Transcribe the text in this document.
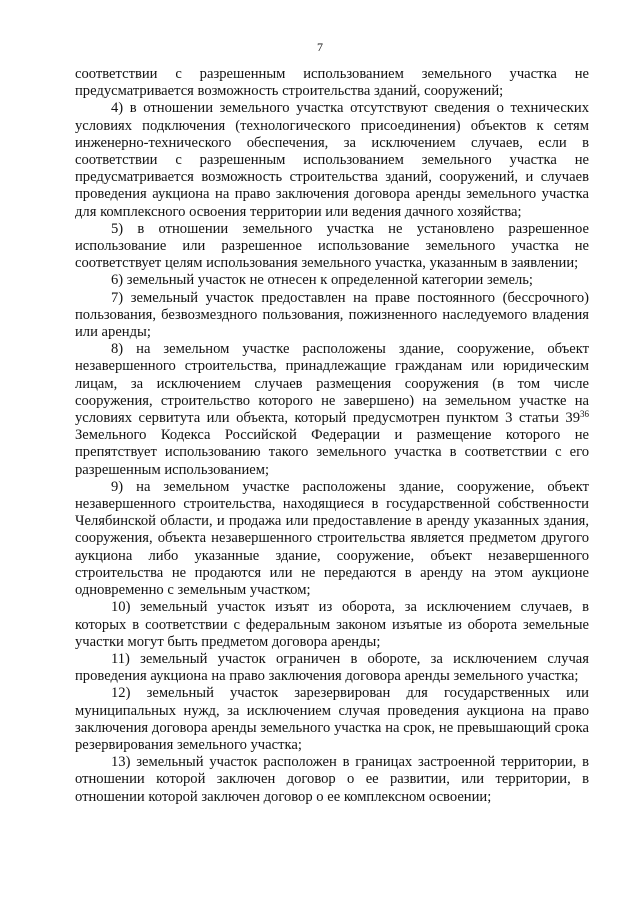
7

соответствии с разрешенным использованием земельного участка не предусматривается возможность строительства зданий, сооружений;

4) в отношении земельного участка отсутствуют сведения о технических условиях подключения (технологического присоединения) объектов к сетям инженерно-технического обеспечения, за исключением случаев, если в соответствии с разрешенным использованием земельного участка не предусматривается возможность строительства зданий, сооружений, и случаев проведения аукциона на право заключения договора аренды земельного участка для комплексного освоения территории или ведения дачного хозяйства;

5) в отношении земельного участка не установлено разрешенное использование или разрешенное использование земельного участка не соответствует целям использования земельного участка, указанным в заявлении;

6) земельный участок не отнесен к определенной категории земель;

7) земельный участок предоставлен на праве постоянного (бессрочного) пользования, безвозмездного пользования, пожизненного наследуемого владения или аренды;

8) на земельном участке расположены здание, сооружение, объект незавершенного строительства, принадлежащие гражданам или юридическим лицам, за исключением случаев размещения сооружения (в том числе сооружения, строительство которого не завершено) на земельном участке на условиях сервитута или объекта, который предусмотрен пунктом 3 статьи $39^{36}$ Земельного Кодекса Российской Федерации и размещение которого не препятствует использованию такого земельного участка в соответствии с его разрешенным использованием;

9) на земельном участке расположены здание, сооружение, объект незавершенного строительства, находящиеся в государственной собственности Челябинской области, и продажа или предоставление в аренду указанных здания, сооружения, объекта незавершенного строительства является предметом другого аукциона либо указанные здание, сооружение, объект незавершенного строительства не продаются или не передаются в аренду на этом аукционе одновременно с земельным участком;

10) земельный участок изъят из оборота, за исключением случаев, в которых в соответствии с федеральным законом изъятые из оборота земельные участки могут быть предметом договора аренды;

11) земельный участок ограничен в обороте, за исключением случая проведения аукциона на право заключения договора аренды земельного участка;

12) земельный участок зарезервирован для государственных или муниципальных нужд, за исключением случая проведения аукциона на право заключения договора аренды земельного участка на срок, не превышающий срока резервирования земельного участка;

13) земельный участок расположен в границах застроенной территории, в отношении которой заключен договор о ее развитии, или территории, в отношении которой заключен договор о ее комплексном освоении;
